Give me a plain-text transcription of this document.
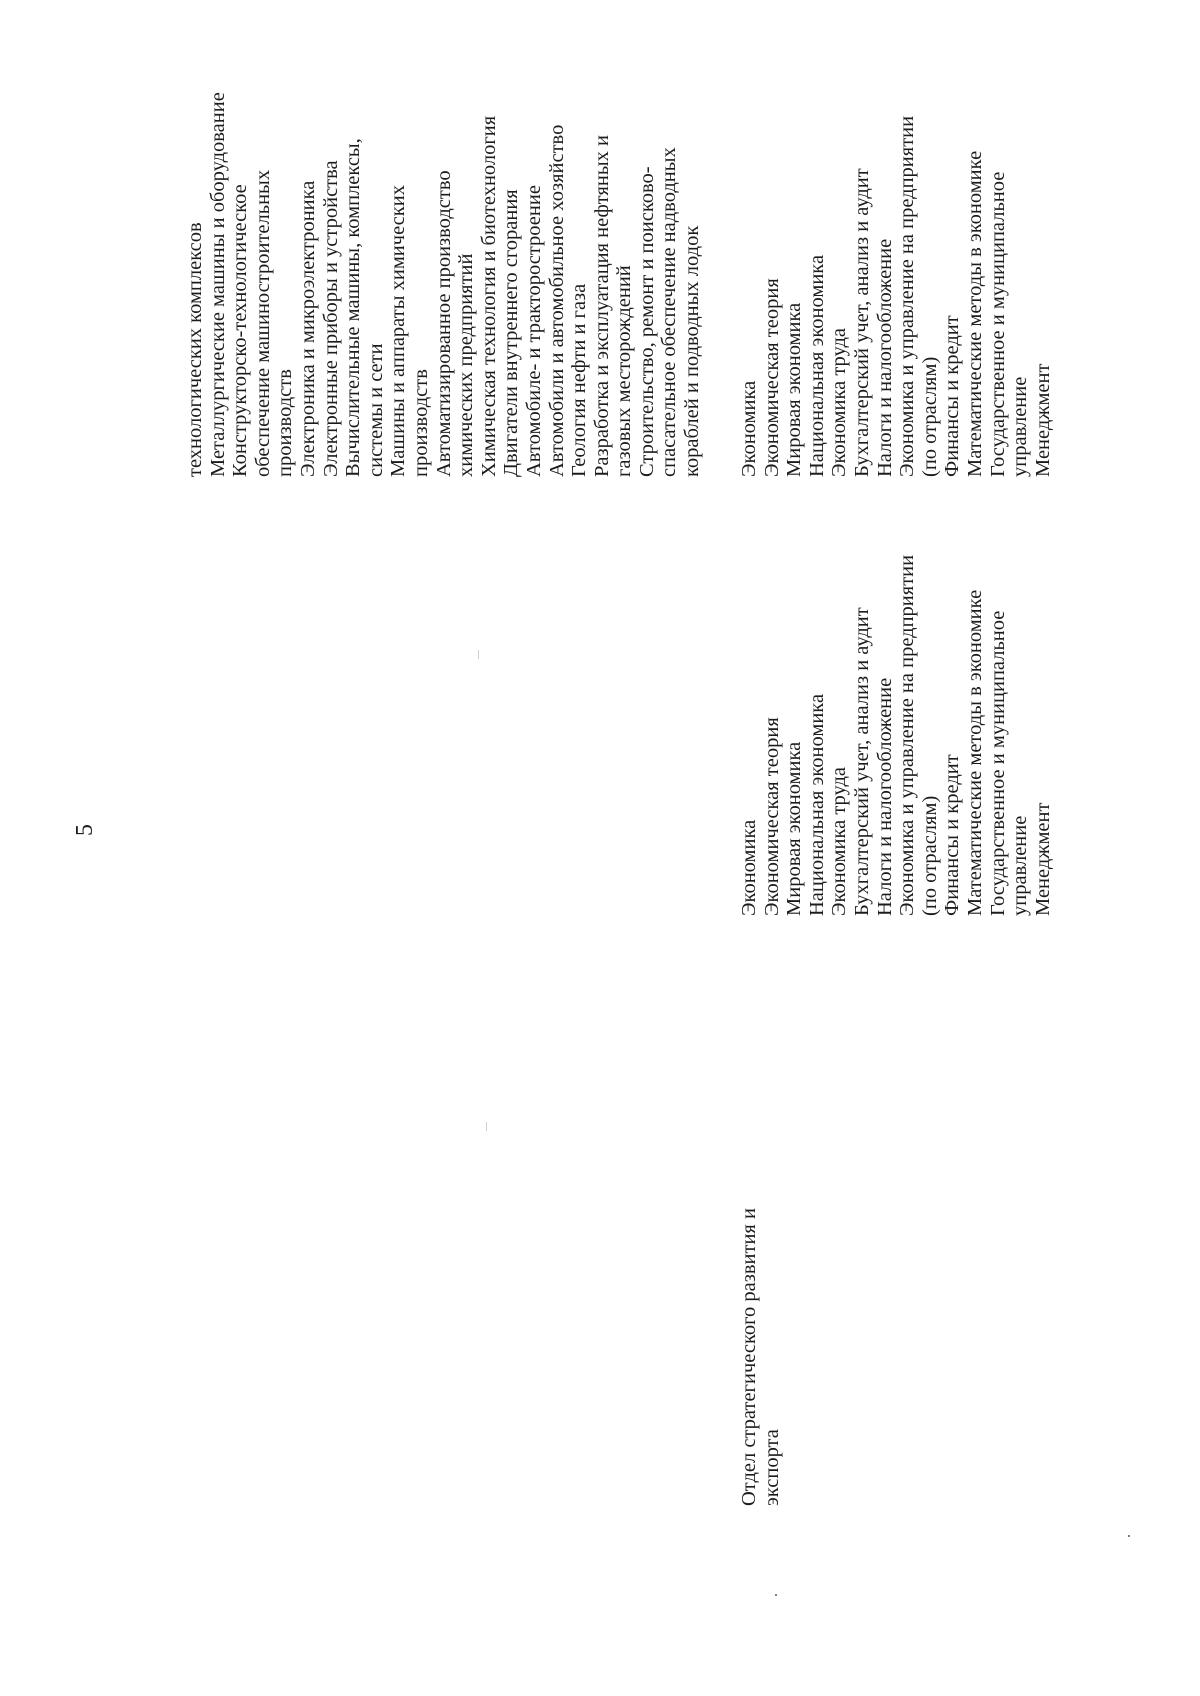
5
Отдел стратегического развития и экспорта
Экономика Экономическая теория Мировая экономика Национальная экономика Экономика труда Бухгалтерский учет, анализ и аудит Налоги и налогообложение Экономика и управление на предприятии (по отраслям) Финансы и кредит Математические методы в экономике Государственное и муниципальное управление Менеджмент
технологических комплексов Металлургические машины и оборудование Конструкторско-технологическое обеспечение машиностроительных производств Электроника и микроэлектроника Электронные приборы и устройства Вычислительные машины, комплексы, системы и сети Машины и аппараты химических производств Автоматизированное производство химических предприятий Химическая технология и биотехнология Двигатели внутреннего сгорания Автомобиле- и тракторостроение Автомобили и автомобильное хозяйство Геология нефти и газа Разработка и эксплуатация нефтяных и газовых месторождений Строительство, ремонт и поисково- спасательное обеспечение надводных кораблей и подводных лодок Экономика Экономическая теория Мировая экономика Национальная экономика Экономика труда Бухгалтерский учет, анализ и аудит Налоги и налогообложение Экономика и управление на предприятии (по отраслям) Финансы и кредит Математические методы в экономике Государственное и муниципальное управление Менеджмент
